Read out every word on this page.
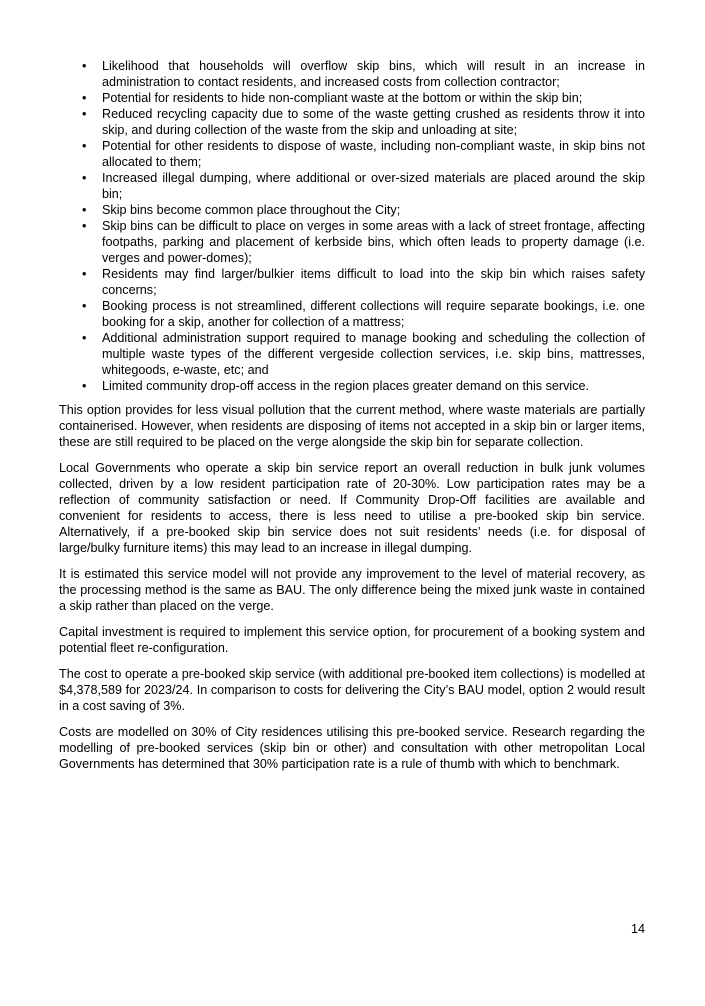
• Likelihood that households will overflow skip bins, which will result in an increase in administration to contact residents, and increased costs from collection contractor;
• Potential for residents to hide non-compliant waste at the bottom or within the skip bin;
• Reduced recycling capacity due to some of the waste getting crushed as residents throw it into skip, and during collection of the waste from the skip and unloading at site;
• Potential for other residents to dispose of waste, including non-compliant waste, in skip bins not allocated to them;
• Increased illegal dumping, where additional or over-sized materials are placed around the skip bin;
• Skip bins become common place throughout the City;
• Skip bins can be difficult to place on verges in some areas with a lack of street frontage, affecting footpaths, parking and placement of kerbside bins, which often leads to property damage (i.e. verges and power-domes);
• Residents may find larger/bulkier items difficult to load into the skip bin which raises safety concerns;
• Booking process is not streamlined, different collections will require separate bookings, i.e. one booking for a skip, another for collection of a mattress;
• Additional administration support required to manage booking and scheduling the collection of multiple waste types of the different vergeside collection services, i.e. skip bins, mattresses, whitegoods, e-waste, etc; and
• Limited community drop-off access in the region places greater demand on this service.

This option provides for less visual pollution that the current method, where waste materials are partially containerised. However, when residents are disposing of items not accepted in a skip bin or larger items, these are still required to be placed on the verge alongside the skip bin for separate collection.

Local Governments who operate a skip bin service report an overall reduction in bulk junk volumes collected, driven by a low resident participation rate of 20-30%. Low participation rates may be a reflection of community satisfaction or need. If Community Drop-Off facilities are available and convenient for residents to access, there is less need to utilise a pre-booked skip bin service. Alternatively, if a pre-booked skip bin service does not suit residents’ needs (i.e. for disposal of large/bulky furniture items) this may lead to an increase in illegal dumping.

It is estimated this service model will not provide any improvement to the level of material recovery, as the processing method is the same as BAU. The only difference being the mixed junk waste in contained a skip rather than placed on the verge.

Capital investment is required to implement this service option, for procurement of a booking system and potential fleet re-configuration.

The cost to operate a pre-booked skip service (with additional pre-booked item collections) is modelled at $4,378,589 for 2023/24. In comparison to costs for delivering the City’s BAU model, option 2 would result in a cost saving of 3%.

Costs are modelled on 30% of City residences utilising this pre-booked service. Research regarding the modelling of pre-booked services (skip bin or other) and consultation with other metropolitan Local Governments has determined that 30% participation rate is a rule of thumb with which to benchmark.

14
